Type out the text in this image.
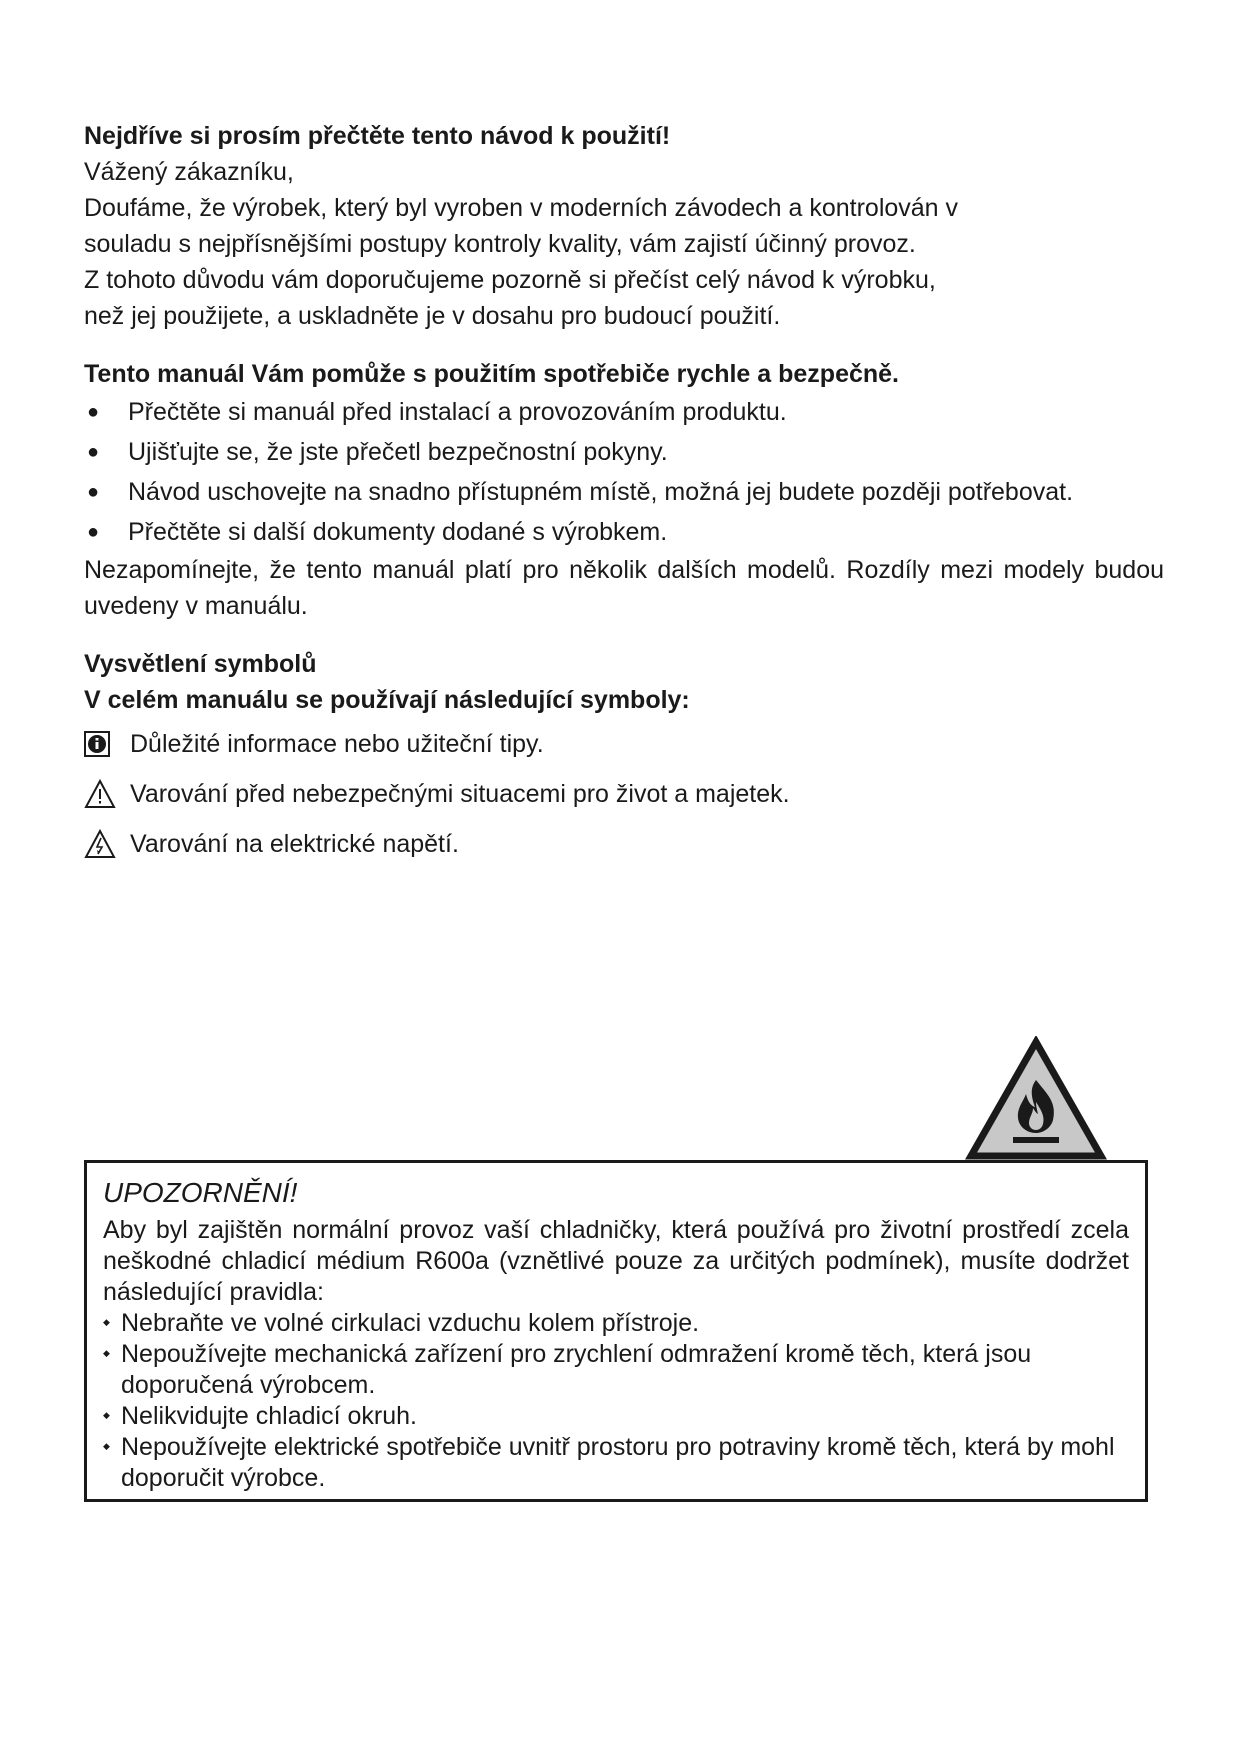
Nejdříve si prosím přečtěte tento návod k použití!
Vážený zákazníku,
Doufáme, že výrobek, který byl vyroben v moderních závodech a kontrolován v
souladu s nejpřísnějšími postupy kontroly kvality, vám zajistí účinný provoz.
Z tohoto důvodu vám doporučujeme pozorně si přečíst celý návod k výrobku,
než jej použijete, a uskladněte je v dosahu pro budoucí použití.
Tento manuál Vám pomůže s použitím spotřebiče rychle a bezpečně.
● Přečtěte si manuál před instalací a provozováním produktu.
● Ujišťujte se, že jste přečetl bezpečnostní pokyny.
● Návod uschovejte na snadno přístupném místě, možná jej budete později potřebovat.
● Přečtěte si další dokumenty dodané s výrobkem.
Nezapomínejte, že tento manuál platí pro několik dalších modelů. Rozdíly mezi modely budou uvedeny v manuálu.
Vysvětlení symbolů
V celém manuálu se používají následující symboly:
Důležité informace nebo užiteční tipy.
Varování před nebezpečnými situacemi pro život a majetek.
Varování na elektrické napětí.
UPOZORNĚNÍ!
Aby byl zajištěn normální provoz vaší chladničky, která používá pro životní prostředí zcela neškodné chladicí médium R600a (vznětlivé pouze za určitých podmínek), musíte dodržet následující pravidla:
◆ Nebraňte ve volné cirkulaci vzduchu kolem přístroje.
◆ Nepoužívejte mechanická zařízení pro zrychlení odmražení kromě těch, která jsou doporučená výrobcem.
◆ Nelikvidujte chladicí okruh.
◆ Nepoužívejte elektrické spotřebiče uvnitř prostoru pro potraviny kromě těch, která by mohl doporučit výrobce.
